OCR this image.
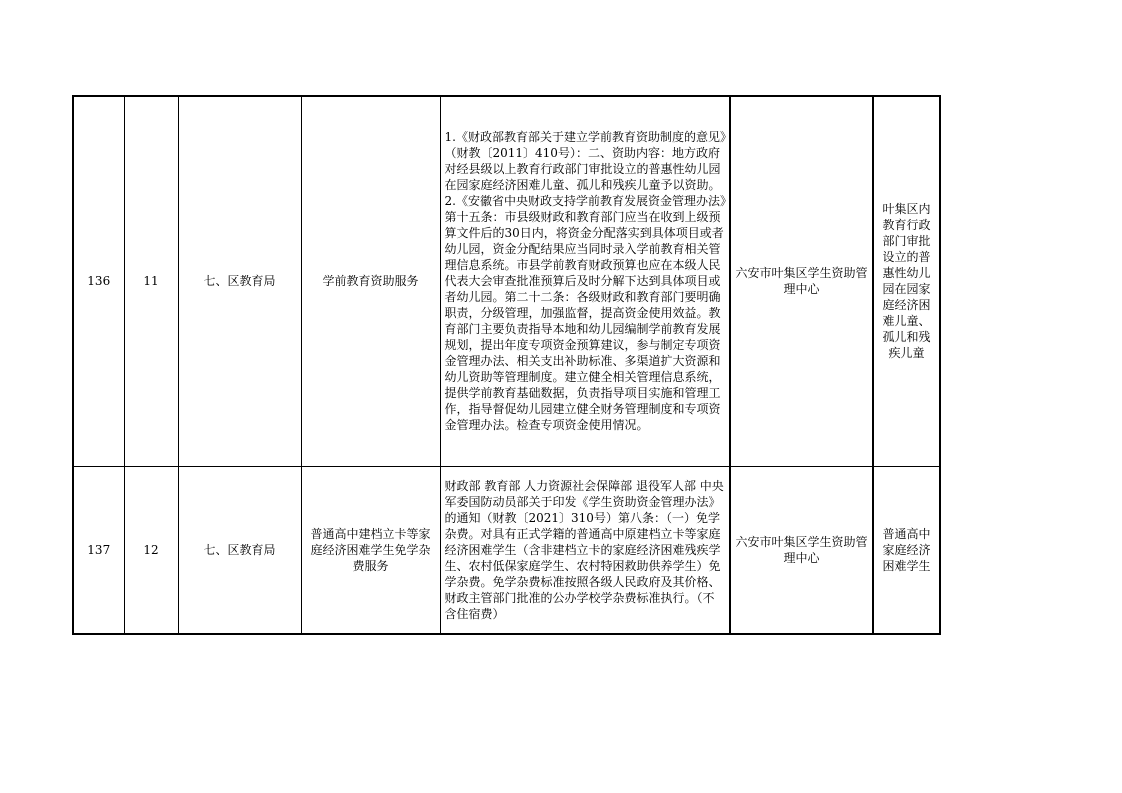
136	11	七、区教育局	学前教育资助服务	1.《财政部教育部关于建立学前教育资助制度的意见》（财教〔2011〕410号）：二、资助内容：地方政府对经县级以上教育行政部门审批设立的普惠性幼儿园在园家庭经济困难儿童、孤儿和残疾儿童予以资助。
2.《安徽省中央财政支持学前教育发展资金管理办法》第十五条：市县级财政和教育部门应当在收到上级预算文件后的30日内，将资金分配落实到具体项目或者幼儿园，资金分配结果应当同时录入学前教育相关管理信息系统。市县学前教育财政预算也应在本级人民代表大会审查批准预算后及时分解下达到具体项目或者幼儿园。第二十二条：各级财政和教育部门要明确职责，分级管理，加强监督，提高资金使用效益。教育部门主要负责指导本地和幼儿园编制学前教育发展规划，提出年度专项资金预算建议，参与制定专项资金管理办法、相关支出补助标准、多渠道扩大资源和幼儿资助等管理制度。建立健全相关管理信息系统，提供学前教育基础数据，负责指导项目实施和管理工作，指导督促幼儿园建立健全财务管理制度和专项资金管理办法。检查专项资金使用情况。	六安市叶集区学生资助管理中心	叶集区内教育行政部门审批设立的普惠性幼儿园在园家庭经济困难儿童、孤儿和残疾儿童
137	12	七、区教育局	普通高中建档立卡等家庭经济困难学生免学杂费服务	财政部 教育部 人力资源社会保障部 退役军人部 中央军委国防动员部关于印发《学生资助资金管理办法》的通知（财教〔2021〕310号）第八条：（一）免学杂费。对具有正式学籍的普通高中原建档立卡等家庭经济困难学生（含非建档立卡的家庭经济困难残疾学生、农村低保家庭学生、农村特困救助供养学生）免学杂费。免学杂费标准按照各级人民政府及其价格、财政主管部门批准的公办学校学杂费标准执行。（不含住宿费）	六安市叶集区学生资助管理中心	普通高中家庭经济困难学生
